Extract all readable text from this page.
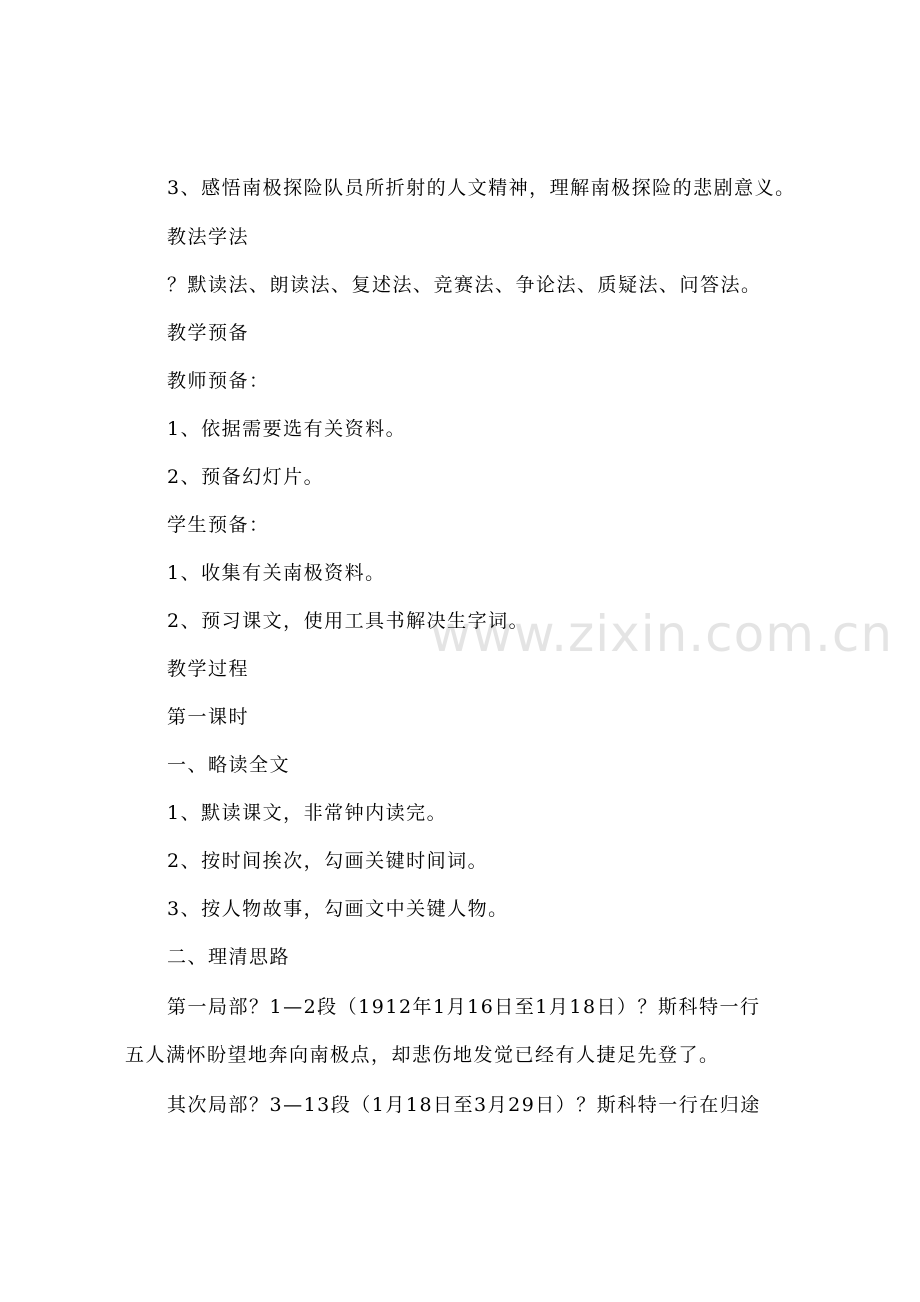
3、感悟南极探险队员所折射的人文精神，理解南极探险的悲剧意义。
教法学法
？默读法、朗读法、复述法、竞赛法、争论法、质疑法、问答法。
教学预备
教师预备：
1、依据需要选有关资料。
2、预备幻灯片。
学生预备：
1、收集有关南极资料。
2、预习课文，使用工具书解决生字词。
教学过程
第一课时
一、略读全文
1、默读课文，非常钟内读完。
2、按时间挨次，勾画关键时间词。
3、按人物故事，勾画文中关键人物。
二、理清思路
第一局部？1—2段（1912年1月16日至1月18日）？斯科特一行
五人满怀盼望地奔向南极点，却悲伤地发觉已经有人捷足先登了。
其次局部？3—13段（1月18日至3月29日）？斯科特一行在归途
www.zixin.com.cn
